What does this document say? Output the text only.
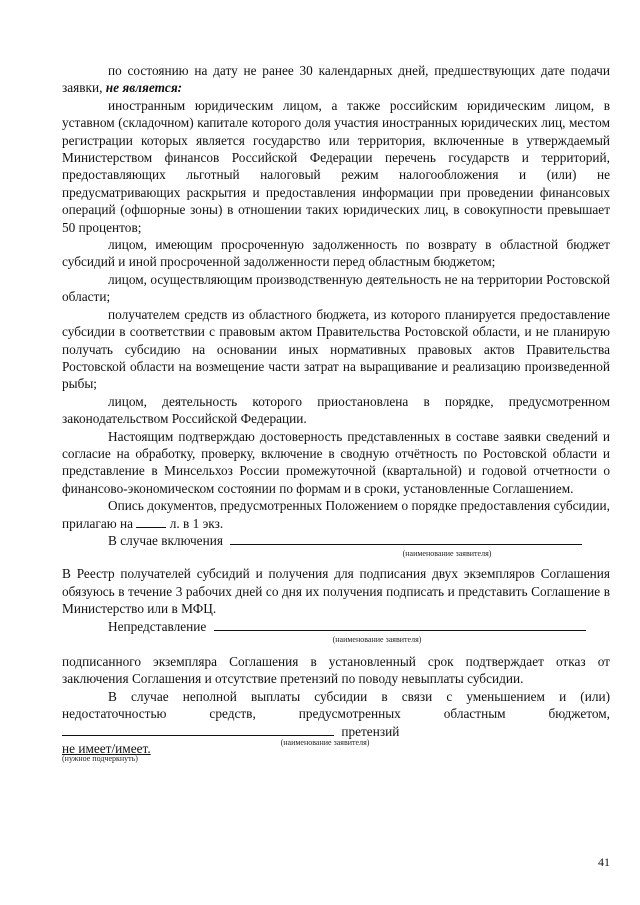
по состоянию на дату не ранее 30 календарных дней, предшествующих дате подачи заявки, не является:

иностранным юридическим лицом, а также российским юридическим лицом, в уставном (складочном) капитале которого доля участия иностранных юридических лиц, местом регистрации которых является государство или территория, включенные в утверждаемый Министерством финансов Российской Федерации перечень государств и территорий, предоставляющих льготный налоговый режим налогообложения и (или) не предусматривающих раскрытия и предоставления информации при проведении финансовых операций (офшорные зоны) в отношении таких юридических лиц, в совокупности превышает 50 процентов;

лицом, имеющим просроченную задолженность по возврату в областной бюджет субсидий и иной просроченной задолженности перед областным бюджетом;

лицом, осуществляющим производственную деятельность не на территории Ростовской области;

получателем средств из областного бюджета, из которого планируется предоставление субсидии в соответствии с правовым актом Правительства Ростовской области, и не планирую получать субсидию на основании иных нормативных правовых актов Правительства Ростовской области на возмещение части затрат на выращивание и реализацию произведенной рыбы;

лицом, деятельность которого приостановлена в порядке, предусмотренном законодательством Российской Федерации.

Настоящим подтверждаю достоверность представленных в составе заявки сведений и согласие на обработку, проверку, включение в сводную отчётность по Ростовской области и представление в Минсельхоз России промежуточной (квартальной) и годовой отчетности о финансово-экономическом состоянии по формам и в сроки, установленные Соглашением.

Опись документов, предусмотренных Положением о порядке предоставления субсидии, прилагаю на	л. в 1 экз.

В случае включения
(наименование заявителя)

В Реестр получателей субсидий и получения для подписания двух экземпляров Соглашения обязуюсь в течение 3 рабочих дней со дня их получения подписать и представить Соглашение в Министерство или в МФЦ.

Непредставление
(наименование заявителя)

подписанного экземпляра Соглашения в установленный срок подтверждает отказ от заключения Соглашения и отсутствие претензий по поводу невыплаты субсидии.

В случае неполной выплаты субсидии в связи с уменьшением и (или) недостаточностью средств, предусмотренных областным бюджетом,

претензий
не имеет/имеет.	(наименование заявителя)
(нужное подчеркнуть)
41
